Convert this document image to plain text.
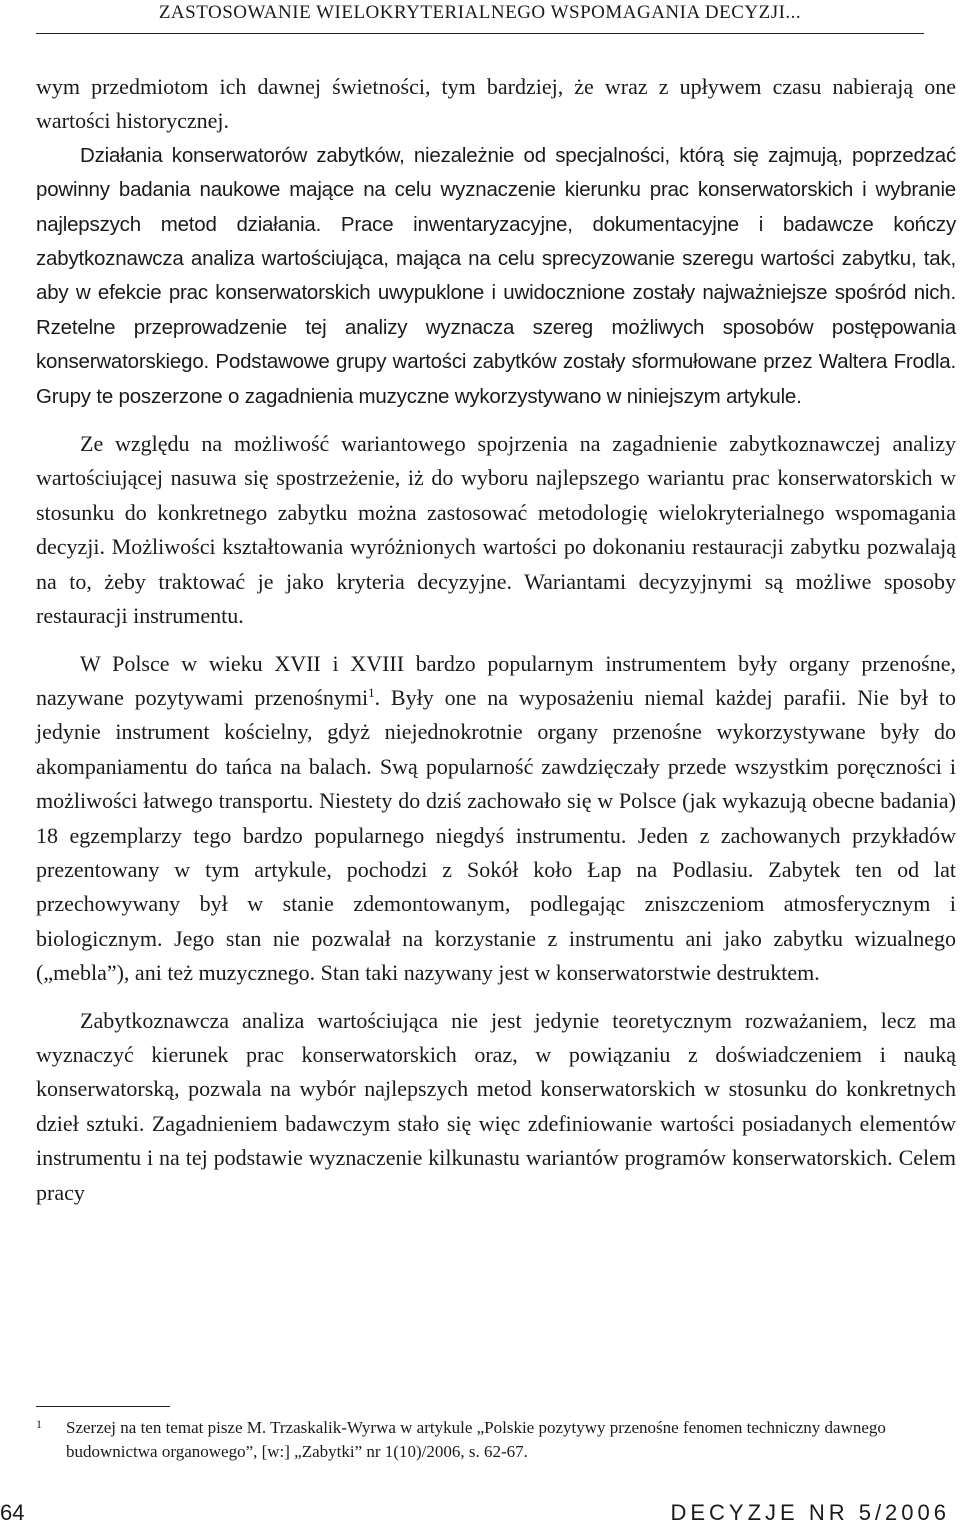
ZASTOSOWANIE WIELOKRYTERIALNEGO WSPOMAGANIA DECYZJI...

wym przedmiotom ich dawnej świetności, tym bardziej, że wraz z upływem czasu nabierają one wartości historycznej.

Działania konserwatorów zabytków, niezależnie od specjalności, którą się zajmują, poprzedzać powinny badania naukowe mające na celu wyznaczenie kierunku prac konserwatorskich i wybranie najlepszych metod działania. Prace inwentaryzacyjne, dokumentacyjne i badawcze kończy zabytkoznawcza analiza wartościująca, mająca na celu sprecyzowanie szeregu wartości zabytku, tak, aby w efekcie prac konserwatorskich uwypuklone i uwidocznione zostały najważniejsze spośród nich. Rzetelne przeprowadzenie tej analizy wyznacza szereg możliwych sposobów postępowania konserwatorskiego. Podstawowe grupy wartości zabytków zostały sformułowane przez Waltera Frodla. Grupy te poszerzone o zagadnienia muzyczne wykorzystywano w niniejszym artykule.

Ze względu na możliwość wariantowego spojrzenia na zagadnienie zabytkoznawczej analizy wartościującej nasuwa się spostrzeżenie, iż do wyboru najlepszego wariantu prac konserwatorskich w stosunku do konkretnego zabytku można zastosować metodologię wielokryterialnego wspomagania decyzji. Możliwości kształtowania wyróżnionych wartości po dokonaniu restauracji zabytku pozwalają na to, żeby traktować je jako kryteria decyzyjne. Wariantami decyzyjnymi są możliwe sposoby restauracji instrumentu.

W Polsce w wieku XVII i XVIII bardzo popularnym instrumentem były organy przenośne, nazywane pozytywami przenośnymi$^1$. Były one na wyposażeniu niemal każdej parafii. Nie był to jedynie instrument kościelny, gdyż niejednokrotnie organy przenośne wykorzystywane były do akompaniamentu do tańca na balach. Swą popularność zawdzięczały przede wszystkim poręczności i możliwości łatwego transportu. Niestety do dziś zachowało się w Polsce (jak wykazują obecne badania) 18 egzemplarzy tego bardzo popularnego niegdyś instrumentu. Jeden z zachowanych przykładów prezentowany w tym artykule, pochodzi z Sokół koło Łap na Podlasiu. Zabytek ten od lat przechowywany był w stanie zdemontowanym, podlegając zniszczeniom atmosferycznym i biologicznym. Jego stan nie pozwalał na korzystanie z instrumentu ani jako zabytku wizualnego („mebla”), ani też muzycznego. Stan taki nazywany jest w konserwatorstwie destruktem.

Zabytkoznawcza analiza wartościująca nie jest jedynie teoretycznym rozważaniem, lecz ma wyznaczyć kierunek prac konserwatorskich oraz, w powiązaniu z doświadczeniem i nauką konserwatorską, pozwala na wybór najlepszych metod konserwatorskich w stosunku do konkretnych dzieł sztuki. Zagadnieniem badawczym stało się więc zdefiniowanie wartości posiadanych elementów instrumentu i na tej podstawie wyznaczenie kilkunastu wariantów programów konserwatorskich. Celem pracy

1	Szerzej na ten temat pisze M. Trzaskalik-Wyrwa w artykule „Polskie pozytywy przenośne fenomen techniczny dawnego budownictwa organowego”, [w:] „Zabytki” nr 1(10)/2006, s. 62-67.
64	DECYZJE NR 5/2006
